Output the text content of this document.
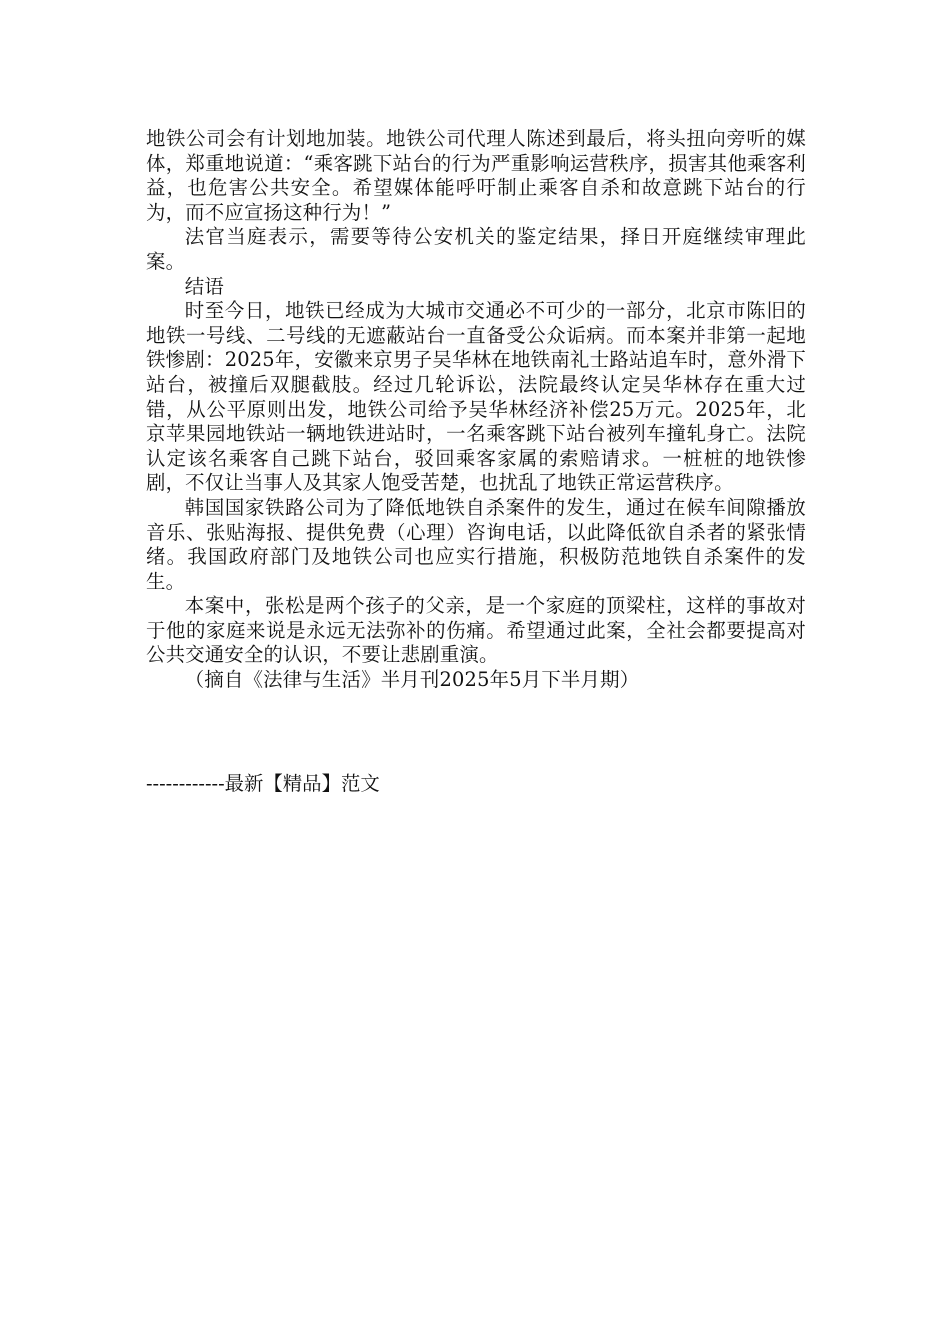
地铁公司会有计划地加装。地铁公司代理人陈述到最后，将头扭向旁听的媒体，郑重地说道：“乘客跳下站台的行为严重影响运营秩序，损害其他乘客利益，也危害公共安全。希望媒体能呼吁制止乘客自杀和故意跳下站台的行为，而不应宣扬这种行为！”

法官当庭表示，需要等待公安机关的鉴定结果，择日开庭继续审理此案。

结语

时至今日，地铁已经成为大城市交通必不可少的一部分，北京市陈旧的地铁一号线、二号线的无遮蔽站台一直备受公众诟病。而本案并非第一起地铁惨剧：2025年，安徽来京男子吴华林在地铁南礼士路站追车时，意外滑下站台，被撞后双腿截肢。经过几轮诉讼，法院最终认定吴华林存在重大过错，从公平原则出发，地铁公司给予吴华林经济补偿25万元。2025年，北京苹果园地铁站一辆地铁进站时，一名乘客跳下站台被列车撞轧身亡。法院认定该名乘客自己跳下站台，驳回乘客家属的索赔请求。一桩桩的地铁惨剧，不仅让当事人及其家人饱受苦楚，也扰乱了地铁正常运营秩序。

韩国国家铁路公司为了降低地铁自杀案件的发生，通过在候车间隙播放音乐、张贴海报、提供免费（心理）咨询电话，以此降低欲自杀者的紧张情绪。我国政府部门及地铁公司也应实行措施，积极防范地铁自杀案件的发生。

本案中，张松是两个孩子的父亲，是一个家庭的顶梁柱，这样的事故对于他的家庭来说是永远无法弥补的伤痛。希望通过此案，全社会都要提高对公共交通安全的认识，不要让悲剧重演。

（摘自《法律与生活》半月刊2025年5月下半月期）

------------最新【精品】范文
